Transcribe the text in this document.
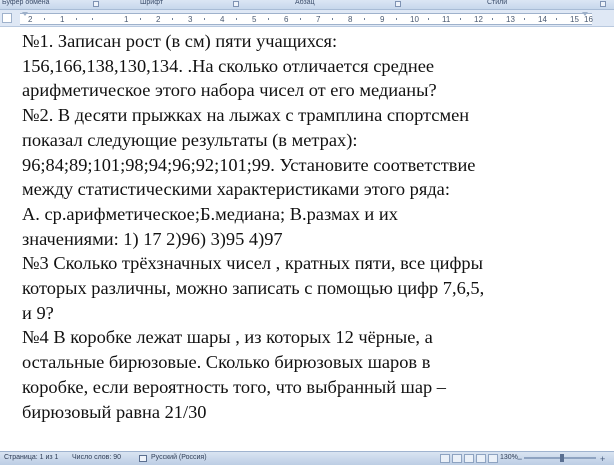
Буфер обмена	Шрифт	Абзац	Стили
2	1	1	2	3	4	5	6	7	8	9	10	11	12	13	14	15 16
№1. Записан рост (в см) пяти учащихся:
156,166,138,130,134. .На сколько отличается среднее
арифметическое этого набора чисел от его медианы?
№2. В десяти прыжках на лыжах с трамплина спортсмен
показал следующие результаты (в метрах):
96;84;89;101;98;94;96;92;101;99. Установите соответствие
между статистическими характеристиками этого ряда:
А. ср.арифметическое;Б.медиана; В.размах и их
значениями: 1) 17 2)96) 3)95 4)97
№3 Сколько трёхзначных чисел , кратных пяти, все цифры
которых различны, можно записать с помощью цифр 7,6,5,
и 9?
№4 В коробке лежат шары , из которых 12 чёрные, а
остальные бирюзовые. Сколько бирюзовых шаров в
коробке, если вероятность того, что выбранный шар –
бирюзовый равна 21/30
Страница: 1 из 1 Число слов: 90	Русский (Россия)	130% −	+
